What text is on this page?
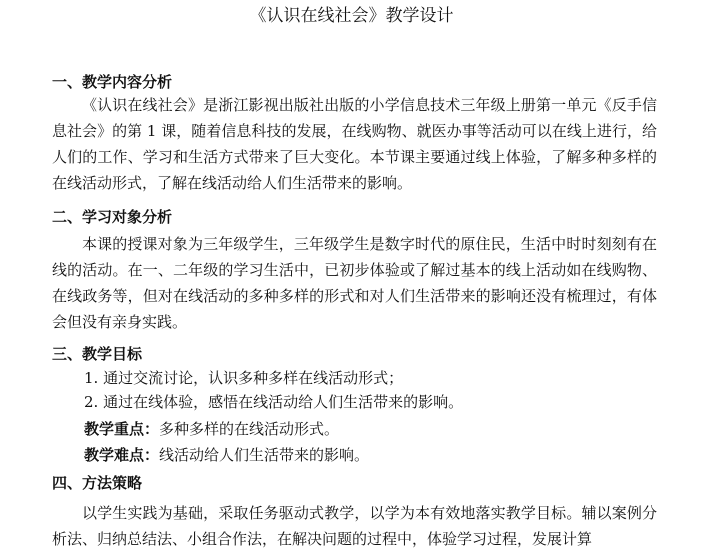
《认识在线社会》教学设计
一、教学内容分析
《认识在线社会》是浙江影视出版社出版的小学信息技术三年级上册第一单元《反手信息社会》的第 1 课，随着信息科技的发展，在线购物、就医办事等活动可以在线上进行，给人们的工作、学习和生活方式带来了巨大变化。本节课主要通过线上体验，了解多种多样的在线活动形式，了解在线活动给人们生活带来的影响。
二、学习对象分析
本课的授课对象为三年级学生，三年级学生是数字时代的原住民，生活中时时刻刻有在线的活动。在一、二年级的学习生活中，已初步体验或了解过基本的线上活动如在线购物、在线政务等，但对在线活动的多种多样的形式和对人们生活带来的影响还没有梳理过，有体会但没有亲身实践。
三、教学目标
1. 通过交流讨论，认识多种多样在线活动形式；
2. 通过在线体验，感悟在线活动给人们生活带来的影响。
教学重点：多种多样的在线活动形式。
教学难点：线活动给人们生活带来的影响。
四、方法策略
以学生实践为基础，采取任务驱动式教学，以学为本有效地落实教学目标。辅以案例分析法、归纳总结法、小组合作法，在解决问题的过程中，体验学习过程，发展计算
